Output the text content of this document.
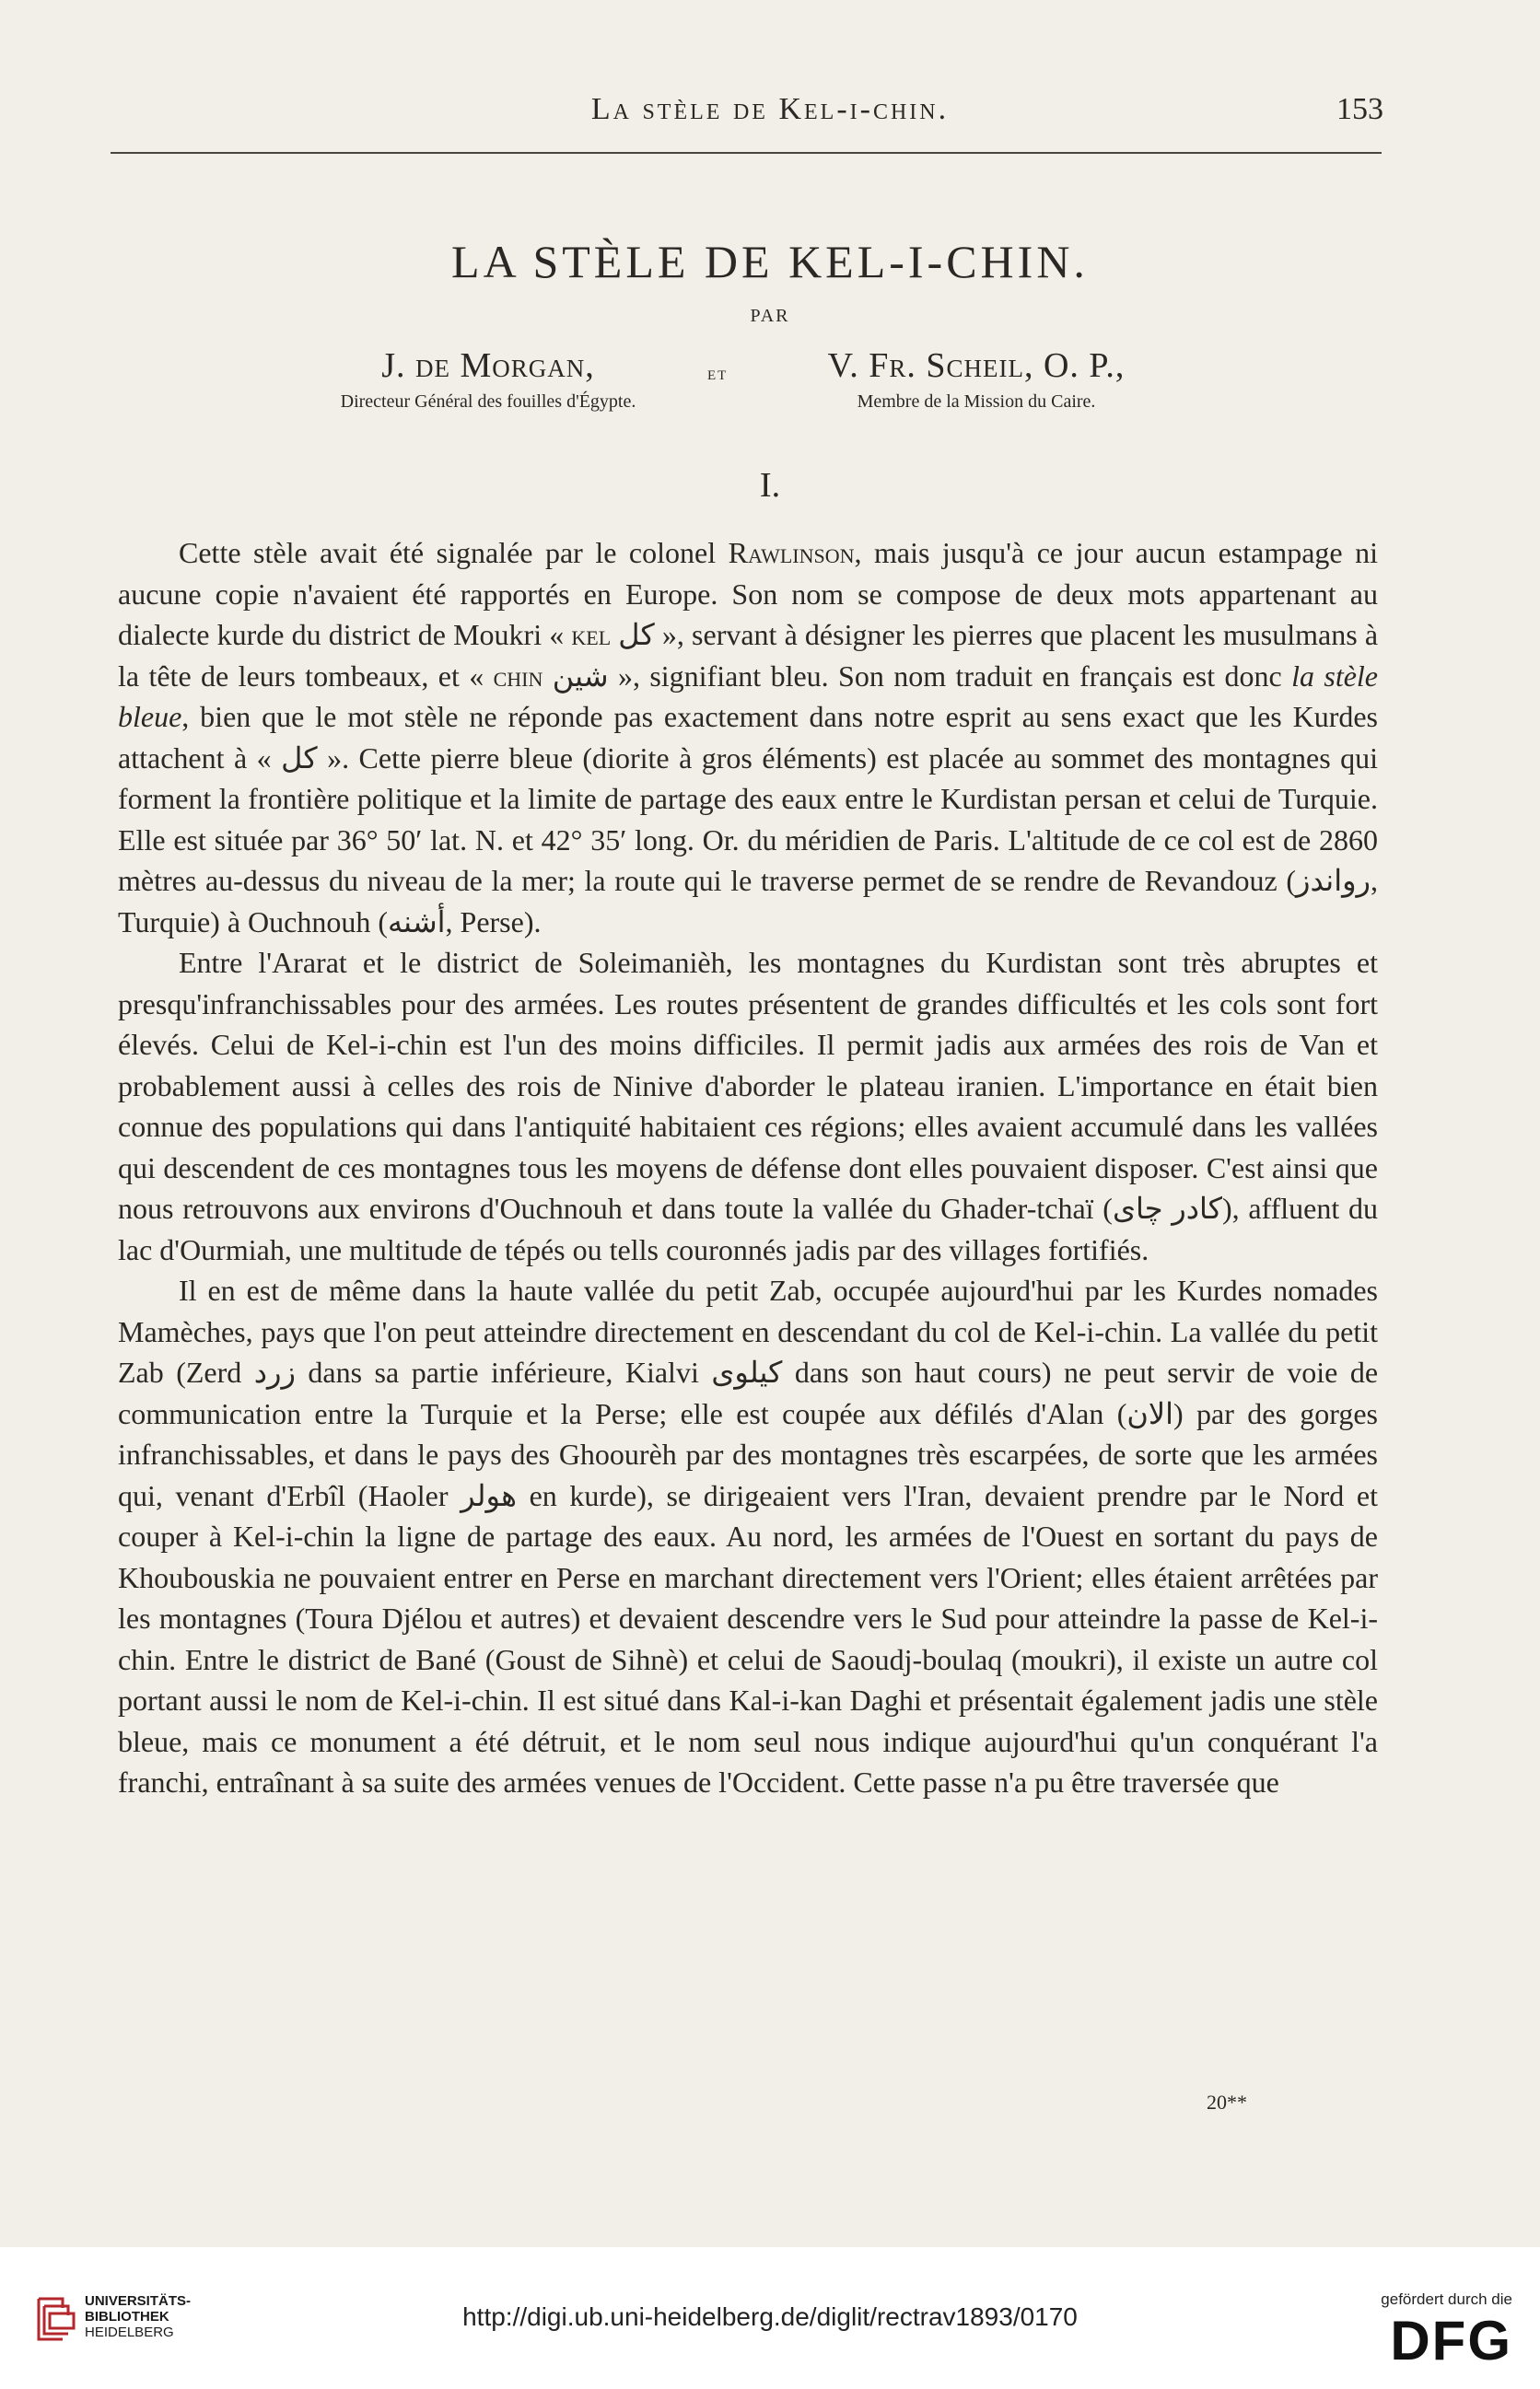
La stèle de Kel-i-chin.	153
LA STÈLE DE KEL-I-CHIN.
PAR
J. de Morgan,
Directeur Général des fouilles d'Égypte.
et	V. Fr. Scheil, O. P.,
Membre de la Mission du Caire.
I.

Cette stèle avait été signalée par le colonel Rawlinson, mais jusqu'à ce jour aucun estampage ni aucune copie n'avaient été rapportés en Europe. Son nom se compose de deux mots appartenant au dialecte kurde du district de Moukri « kel كل », servant à désigner les pierres que placent les musulmans à la tête de leurs tombeaux, et « chin شين », signifiant bleu. Son nom traduit en français est donc la stèle bleue, bien que le mot stèle ne réponde pas exactement dans notre esprit au sens exact que les Kurdes attachent à « كل ». Cette pierre bleue (diorite à gros éléments) est placée au sommet des montagnes qui forment la frontière politique et la limite de partage des eaux entre le Kurdistan persan et celui de Turquie. Elle est située par 36° 50′ lat. N. et 42° 35′ long. Or. du méridien de Paris. L'altitude de ce col est de 2860 mètres au-dessus du niveau de la mer; la route qui le traverse permet de se rendre de Revandouz (رواندز, Turquie) à Ouchnouh (أشنه, Perse).

Entre l'Ararat et le district de Soleimanièh, les montagnes du Kurdistan sont très abruptes et presqu'infranchissables pour des armées. Les routes présentent de grandes difficultés et les cols sont fort élevés. Celui de Kel-i-chin est l'un des moins difficiles. Il permit jadis aux armées des rois de Van et probablement aussi à celles des rois de Ninive d'aborder le plateau iranien. L'importance en était bien connue des populations qui dans l'antiquité habitaient ces régions; elles avaient accumulé dans les vallées qui descendent de ces montagnes tous les moyens de défense dont elles pouvaient disposer. C'est ainsi que nous retrouvons aux environs d'Ouchnouh et dans toute la vallée du Ghader-tchaï (كادر چاى), affluent du lac d'Ourmiah, une multitude de tépés ou tells couronnés jadis par des villages fortifiés.

Il en est de même dans la haute vallée du petit Zab, occupée aujourd'hui par les Kurdes nomades Mamèches, pays que l'on peut atteindre directement en descendant du col de Kel-i-chin. La vallée du petit Zab (Zerd زرد dans sa partie inférieure, Kialvi كيلوى dans son haut cours) ne peut servir de voie de communication entre la Turquie et la Perse; elle est coupée aux défilés d'Alan (الان) par des gorges infranchissables, et dans le pays des Ghoourèh par des montagnes très escarpées, de sorte que les armées qui, venant d'Erbîl (Haoler هولر en kurde), se dirigeaient vers l'Iran, devaient prendre par le Nord et couper à Kel-i-chin la ligne de partage des eaux. Au nord, les armées de l'Ouest en sortant du pays de Khoubouskia ne pouvaient entrer en Perse en marchant directement vers l'Orient; elles étaient arrêtées par les montagnes (Toura Djélou et autres) et devaient descendre vers le Sud pour atteindre la passe de Kel-i-chin. Entre le district de Bané (Goust de Sihnè) et celui de Saoudj-boulaq (moukri), il existe un autre col portant aussi le nom de Kel-i-chin. Il est situé dans Kal-i-kan Daghi et présentait également jadis une stèle bleue, mais ce monument a été détruit, et le nom seul nous indique aujourd'hui qu'un conquérant l'a franchi, entraînant à sa suite des armées venues de l'Occident. Cette passe n'a pu être traversée que

20**
UNIVERSITÄTS-
BIBLIOTHEK
HEIDELBERG
http://digi.ub.uni-heidelberg.de/diglit/rectrav1893/0170
gefördert durch die
DFG
